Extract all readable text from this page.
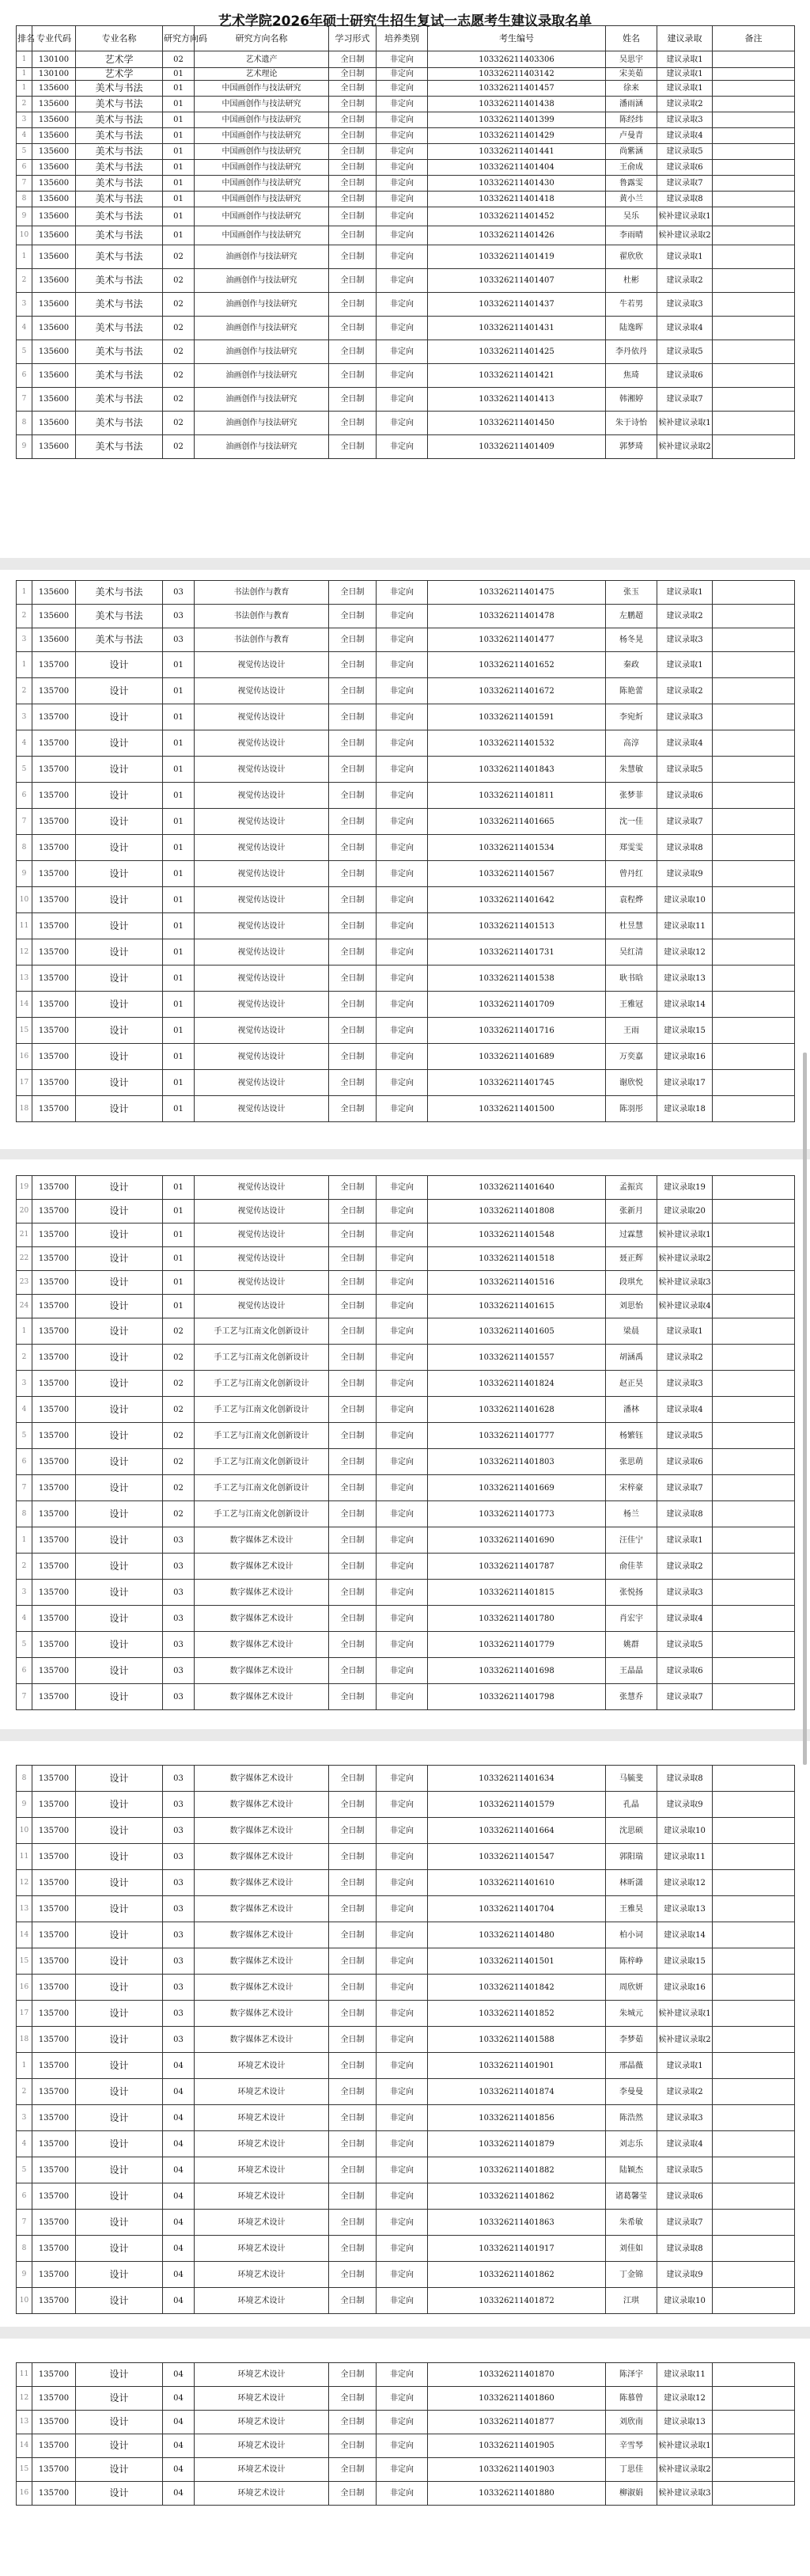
艺术学院2026年硕士研究生招生复试一志愿考生建议录取名单
排名	专业代码	专业名称	研究方向码	研究方向名称	学习形式	培养类别	考生编号	姓名	建议录取	备注
1	130100	艺术学	02	艺术遗产	全日制	非定向	103326211403306	吴思宇	建议录取1	
1	130100	艺术学	01	艺术理论	全日制	非定向	103326211403142	宋美茹	建议录取1	
1	135600	美术与书法	01	中国画创作与技法研究	全日制	非定向	103326211401457	徐来	建议录取1	
2	135600	美术与书法	01	中国画创作与技法研究	全日制	非定向	103326211401438	潘雨涵	建议录取2	
3	135600	美术与书法	01	中国画创作与技法研究	全日制	非定向	103326211401399	陈经纬	建议录取3	
4	135600	美术与书法	01	中国画创作与技法研究	全日制	非定向	103326211401429	卢曼青	建议录取4	
5	135600	美术与书法	01	中国画创作与技法研究	全日制	非定向	103326211401441	尚紫涵	建议录取5	
6	135600	美术与书法	01	中国画创作与技法研究	全日制	非定向	103326211401404	王俞成	建议录取6	
7	135600	美术与书法	01	中国画创作与技法研究	全日制	非定向	103326211401430	鲁露雯	建议录取7	
8	135600	美术与书法	01	中国画创作与技法研究	全日制	非定向	103326211401418	黄小兰	建议录取8	
9	135600	美术与书法	01	中国画创作与技法研究	全日制	非定向	103326211401452	吴乐	候补建议录取1	
10	135600	美术与书法	01	中国画创作与技法研究	全日制	非定向	103326211401426	李雨晴	候补建议录取2	
1	135600	美术与书法	02	油画创作与技法研究	全日制	非定向	103326211401419	翟欣欣	建议录取1	
2	135600	美术与书法	02	油画创作与技法研究	全日制	非定向	103326211401407	杜彬	建议录取2	
3	135600	美术与书法	02	油画创作与技法研究	全日制	非定向	103326211401437	牛若男	建议录取3	
4	135600	美术与书法	02	油画创作与技法研究	全日制	非定向	103326211401431	陆逸晖	建议录取4	
5	135600	美术与书法	02	油画创作与技法研究	全日制	非定向	103326211401425	李丹依丹	建议录取5	
6	135600	美术与书法	02	油画创作与技法研究	全日制	非定向	103326211401421	焦琦	建议录取6	
7	135600	美术与书法	02	油画创作与技法研究	全日制	非定向	103326211401413	韩湘婷	建议录取7	
8	135600	美术与书法	02	油画创作与技法研究	全日制	非定向	103326211401450	朱于诗怡	候补建议录取1	
9	135600	美术与书法	02	油画创作与技法研究	全日制	非定向	103326211401409	郭梦琦	候补建议录取2	
1	135600	美术与书法	03	书法创作与教育	全日制	非定向	103326211401475	张玉	建议录取1	
2	135600	美术与书法	03	书法创作与教育	全日制	非定向	103326211401478	左鹏超	建议录取2	
3	135600	美术与书法	03	书法创作与教育	全日制	非定向	103326211401477	杨冬晃	建议录取3	
1	135700	设计	01	视觉传达设计	全日制	非定向	103326211401652	秦政	建议录取1	
2	135700	设计	01	视觉传达设计	全日制	非定向	103326211401672	陈艳蕾	建议录取2	
3	135700	设计	01	视觉传达设计	全日制	非定向	103326211401591	李宛炘	建议录取3	
4	135700	设计	01	视觉传达设计	全日制	非定向	103326211401532	高淳	建议录取4	
5	135700	设计	01	视觉传达设计	全日制	非定向	103326211401843	朱慧敏	建议录取5	
6	135700	设计	01	视觉传达设计	全日制	非定向	103326211401811	张梦菲	建议录取6	
7	135700	设计	01	视觉传达设计	全日制	非定向	103326211401665	沈一佳	建议录取7	
8	135700	设计	01	视觉传达设计	全日制	非定向	103326211401534	郑雯雯	建议录取8	
9	135700	设计	01	视觉传达设计	全日制	非定向	103326211401567	曾丹红	建议录取9	
10	135700	设计	01	视觉传达设计	全日制	非定向	103326211401642	袁程烨	建议录取10	
11	135700	设计	01	视觉传达设计	全日制	非定向	103326211401513	杜昱慧	建议录取11	
12	135700	设计	01	视觉传达设计	全日制	非定向	103326211401731	吴红清	建议录取12	
13	135700	设计	01	视觉传达设计	全日制	非定向	103326211401538	耿书晗	建议录取13	
14	135700	设计	01	视觉传达设计	全日制	非定向	103326211401709	王雅冠	建议录取14	
15	135700	设计	01	视觉传达设计	全日制	非定向	103326211401716	王雨	建议录取15	
16	135700	设计	01	视觉传达设计	全日制	非定向	103326211401689	万奕嘉	建议录取16	
17	135700	设计	01	视觉传达设计	全日制	非定向	103326211401745	谢欣悦	建议录取17	
18	135700	设计	01	视觉传达设计	全日制	非定向	103326211401500	陈羽彤	建议录取18	
19	135700	设计	01	视觉传达设计	全日制	非定向	103326211401640	孟振宾	建议录取19	
20	135700	设计	01	视觉传达设计	全日制	非定向	103326211401808	张新月	建议录取20	
21	135700	设计	01	视觉传达设计	全日制	非定向	103326211401548	过霖慧	候补建议录取1	
22	135700	设计	01	视觉传达设计	全日制	非定向	103326211401518	聂正辉	候补建议录取2	
23	135700	设计	01	视觉传达设计	全日制	非定向	103326211401516	段琪允	候补建议录取3	
24	135700	设计	01	视觉传达设计	全日制	非定向	103326211401615	刘思怡	候补建议录取4	
1	135700	设计	02	手工艺与江南文化创新设计	全日制	非定向	103326211401605	梁晨	建议录取1	
2	135700	设计	02	手工艺与江南文化创新设计	全日制	非定向	103326211401557	胡涵禹	建议录取2	
3	135700	设计	02	手工艺与江南文化创新设计	全日制	非定向	103326211401824	赵正昊	建议录取3	
4	135700	设计	02	手工艺与江南文化创新设计	全日制	非定向	103326211401628	潘林	建议录取4	
5	135700	设计	02	手工艺与江南文化创新设计	全日制	非定向	103326211401777	杨繁钰	建议录取5	
6	135700	设计	02	手工艺与江南文化创新设计	全日制	非定向	103326211401803	张思萌	建议录取6	
7	135700	设计	02	手工艺与江南文化创新设计	全日制	非定向	103326211401669	宋梓豪	建议录取7	
8	135700	设计	02	手工艺与江南文化创新设计	全日制	非定向	103326211401773	杨兰	建议录取8	
1	135700	设计	03	数字媒体艺术设计	全日制	非定向	103326211401690	汪佳宁	建议录取1	
2	135700	设计	03	数字媒体艺术设计	全日制	非定向	103326211401787	俞佳莘	建议录取2	
3	135700	设计	03	数字媒体艺术设计	全日制	非定向	103326211401815	张悦扬	建议录取3	
4	135700	设计	03	数字媒体艺术设计	全日制	非定向	103326211401780	肖宏宇	建议录取4	
5	135700	设计	03	数字媒体艺术设计	全日制	非定向	103326211401779	姚群	建议录取5	
6	135700	设计	03	数字媒体艺术设计	全日制	非定向	103326211401698	王晶晶	建议录取6	
7	135700	设计	03	数字媒体艺术设计	全日制	非定向	103326211401798	张慧乔	建议录取7	
8	135700	设计	03	数字媒体艺术设计	全日制	非定向	103326211401634	马毓斐	建议录取8	
9	135700	设计	03	数字媒体艺术设计	全日制	非定向	103326211401579	孔晶	建议录取9	
10	135700	设计	03	数字媒体艺术设计	全日制	非定向	103326211401664	沈思硕	建议录取10	
11	135700	设计	03	数字媒体艺术设计	全日制	非定向	103326211401547	郭阳瑞	建议录取11	
12	135700	设计	03	数字媒体艺术设计	全日制	非定向	103326211401610	林昕潇	建议录取12	
13	135700	设计	03	数字媒体艺术设计	全日制	非定向	103326211401704	王雅昊	建议录取13	
14	135700	设计	03	数字媒体艺术设计	全日制	非定向	103326211401480	柏小词	建议录取14	
15	135700	设计	03	数字媒体艺术设计	全日制	非定向	103326211401501	陈梓峥	建议录取15	
16	135700	设计	03	数字媒体艺术设计	全日制	非定向	103326211401842	周欣妍	建议录取16	
17	135700	设计	03	数字媒体艺术设计	全日制	非定向	103326211401852	朱城元	候补建议录取1	
18	135700	设计	03	数字媒体艺术设计	全日制	非定向	103326211401588	李梦茹	候补建议录取2	
1	135700	设计	04	环境艺术设计	全日制	非定向	103326211401901	邢晶薇	建议录取1	
2	135700	设计	04	环境艺术设计	全日制	非定向	103326211401874	李曼曼	建议录取2	
3	135700	设计	04	环境艺术设计	全日制	非定向	103326211401856	陈浩然	建议录取3	
4	135700	设计	04	环境艺术设计	全日制	非定向	103326211401879	刘志乐	建议录取4	
5	135700	设计	04	环境艺术设计	全日制	非定向	103326211401882	陆颖杰	建议录取5	
6	135700	设计	04	环境艺术设计	全日制	非定向	103326211401862	诸葛馨莹	建议录取6	
7	135700	设计	04	环境艺术设计	全日制	非定向	103326211401863	朱希敏	建议录取7	
8	135700	设计	04	环境艺术设计	全日制	非定向	103326211401917	刘佳如	建议录取8	
9	135700	设计	04	环境艺术设计	全日制	非定向	103326211401862	丁金锦	建议录取9	
10	135700	设计	04	环境艺术设计	全日制	非定向	103326211401872	江琪	建议录取10	
11	135700	设计	04	环境艺术设计	全日制	非定向	103326211401870	陈泽宇	建议录取11	
12	135700	设计	04	环境艺术设计	全日制	非定向	103326211401860	陈慕曾	建议录取12	
13	135700	设计	04	环境艺术设计	全日制	非定向	103326211401877	刘欣南	建议录取13	
14	135700	设计	04	环境艺术设计	全日制	非定向	103326211401905	辛雪琴	候补建议录取1	
15	135700	设计	04	环境艺术设计	全日制	非定向	103326211401903	丁思佳	候补建议录取2	
16	135700	设计	04	环境艺术设计	全日制	非定向	103326211401880	柳淑娟	候补建议录取3	
